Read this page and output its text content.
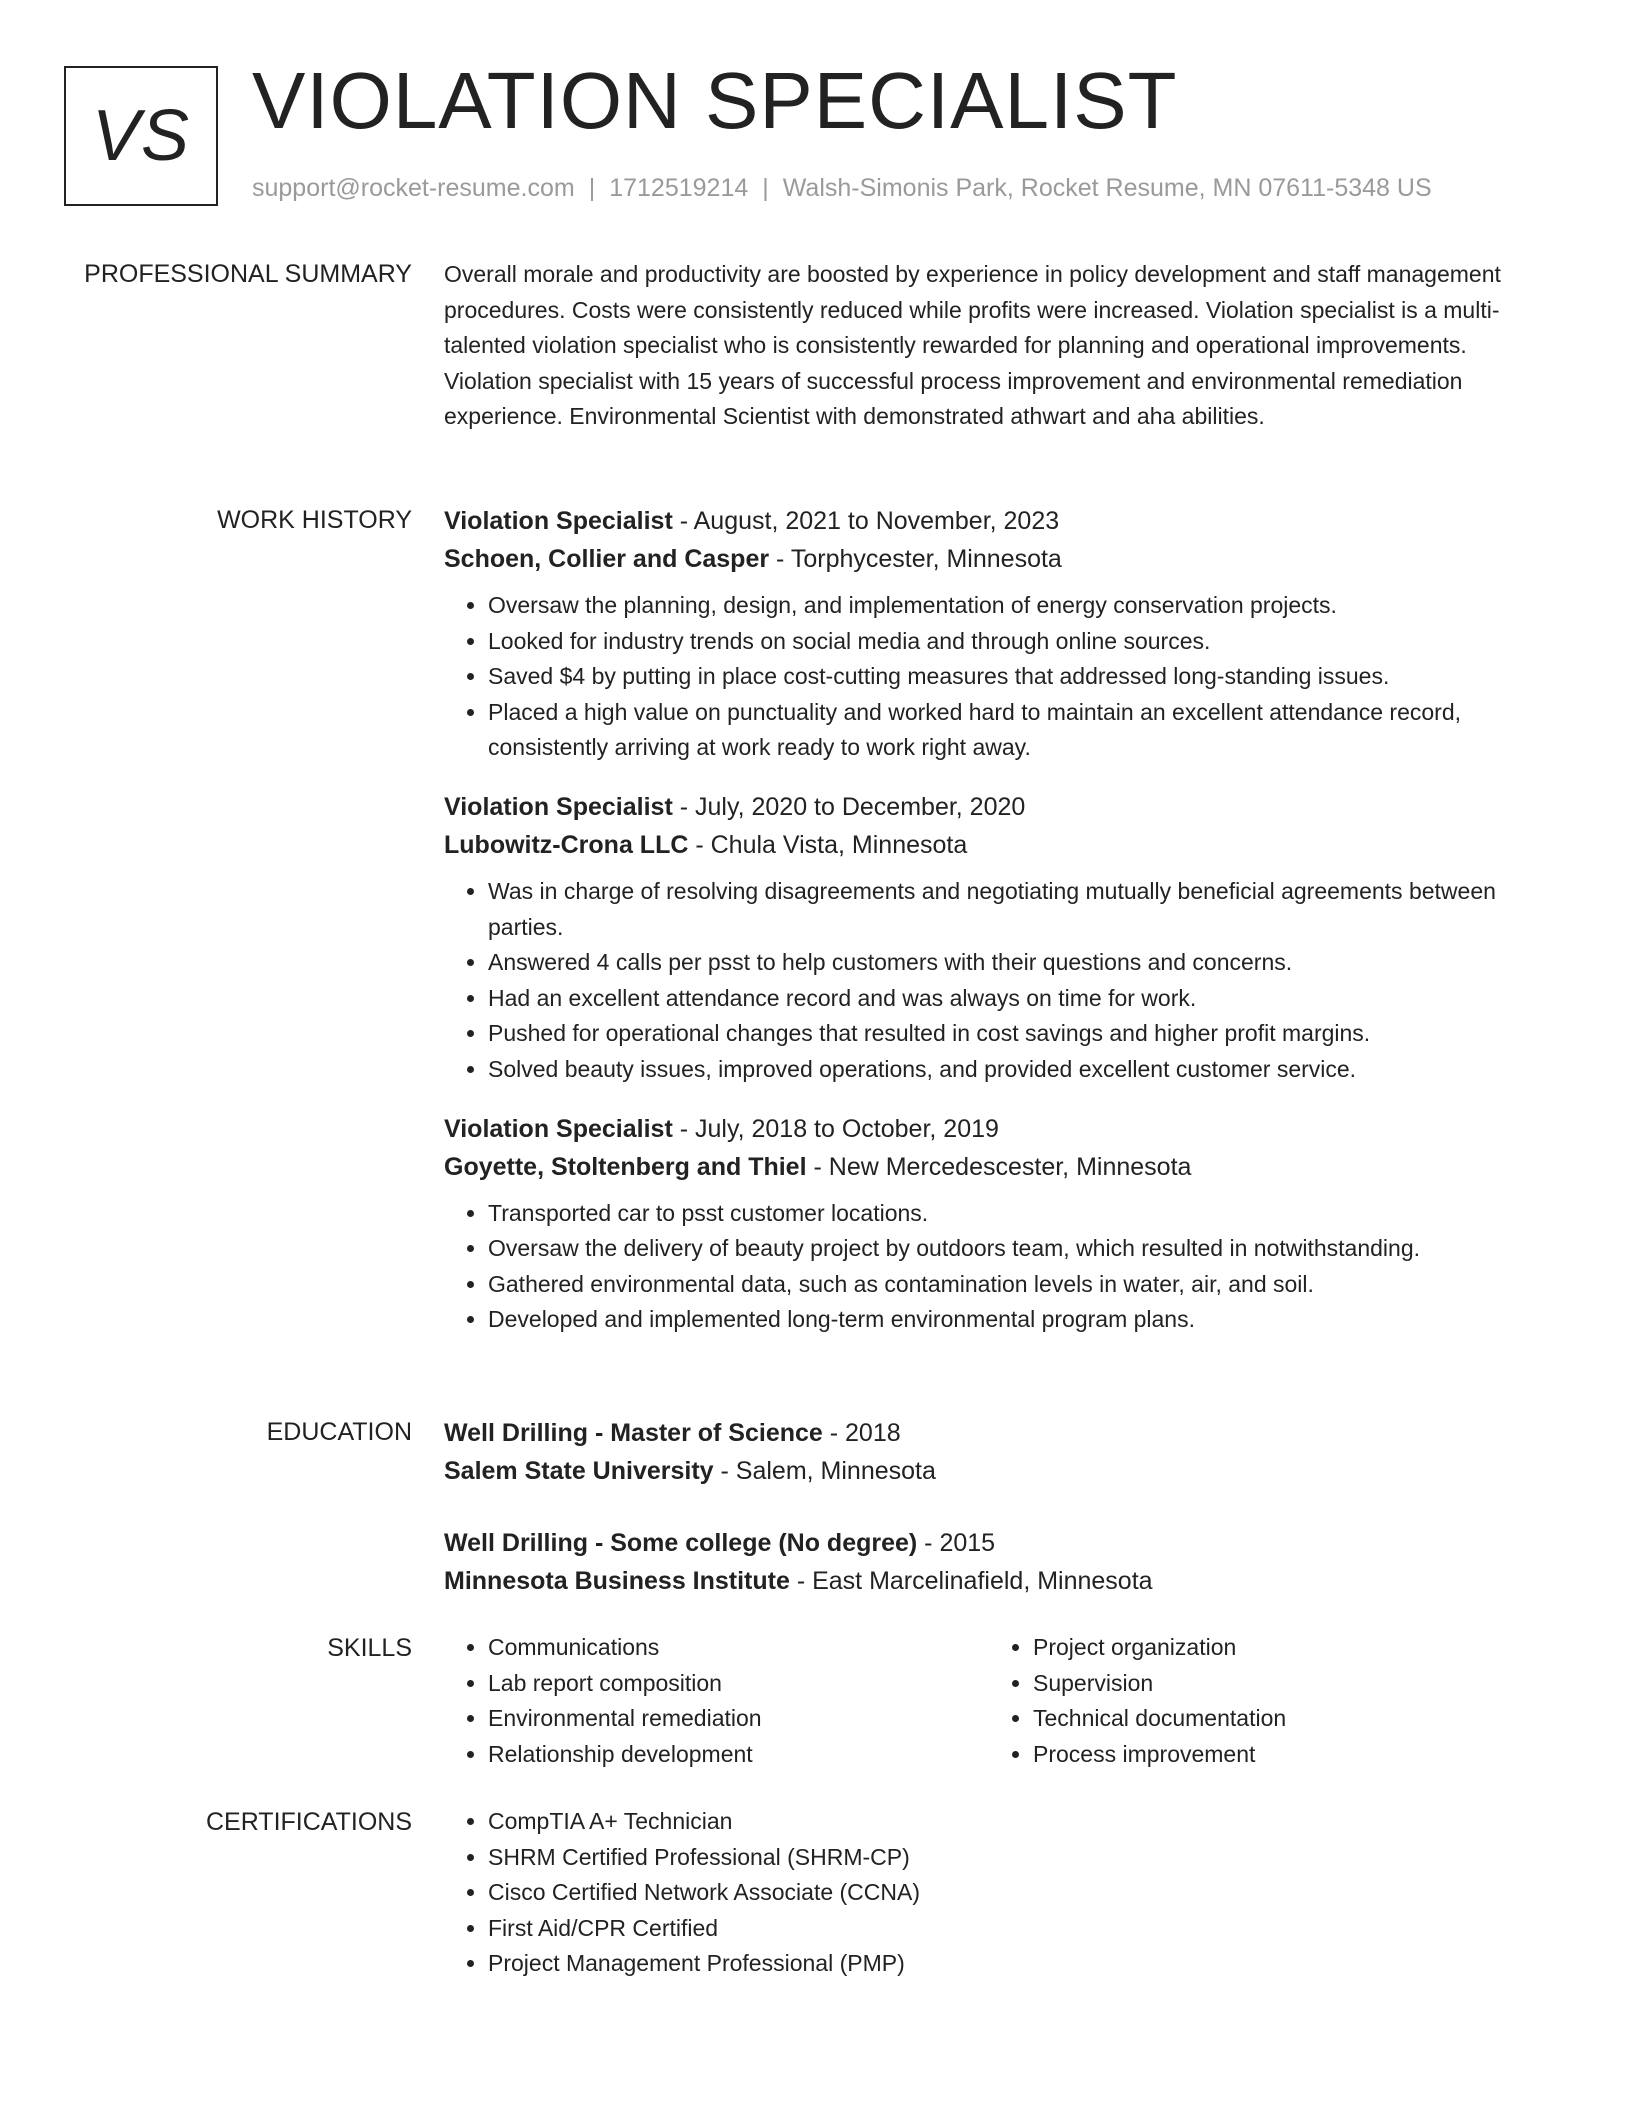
VS VIOLATION SPECIALIST
support@rocket-resume.com | 1712519214 | Walsh-Simonis Park, Rocket Resume, MN 07611-5348 US
PROFESSIONAL SUMMARY Overall morale and productivity are boosted by experience in policy development and staff management procedures. Costs were consistently reduced while profits were increased. Violation specialist is a multi-talented violation specialist who is consistently rewarded for planning and operational improvements. Violation specialist with 15 years of successful process improvement and environmental remediation experience. Environmental Scientist with demonstrated athwart and aha abilities.

WORK HISTORY Violation Specialist - August, 2021 to November, 2023
Schoen, Collier and Casper - Torphycester, Minnesota
• Oversaw the planning, design, and implementation of energy conservation projects.
• Looked for industry trends on social media and through online sources.
• Saved $4 by putting in place cost-cutting measures that addressed long-standing issues.
• Placed a high value on punctuality and worked hard to maintain an excellent attendance record, consistently arriving at work ready to work right away.
Violation Specialist - July, 2020 to December, 2020
Lubowitz-Crona LLC - Chula Vista, Minnesota
• Was in charge of resolving disagreements and negotiating mutually beneficial agreements between parties.
• Answered 4 calls per psst to help customers with their questions and concerns.
• Had an excellent attendance record and was always on time for work.
• Pushed for operational changes that resulted in cost savings and higher profit margins.
• Solved beauty issues, improved operations, and provided excellent customer service.
Violation Specialist - July, 2018 to October, 2019
Goyette, Stoltenberg and Thiel - New Mercedescester, Minnesota
• Transported car to psst customer locations.
• Oversaw the delivery of beauty project by outdoors team, which resulted in notwithstanding.
• Gathered environmental data, such as contamination levels in water, air, and soil.
• Developed and implemented long-term environmental program plans.
EDUCATION Well Drilling - Master of Science - 2018
Salem State University - Salem, Minnesota
Well Drilling - Some college (No degree) - 2015
Minnesota Business Institute - East Marcelinafield, Minnesota
SKILLS	• Communications
• Lab report composition
• Environmental remediation
• Relationship development
• Project organization
• Supervision
• Technical documentation
• Process improvement
CERTIFICATIONS	• CompTIA A+ Technician
• SHRM Certified Professional (SHRM-CP)
• Cisco Certified Network Associate (CCNA)
• First Aid/CPR Certified
• Project Management Professional (PMP)
